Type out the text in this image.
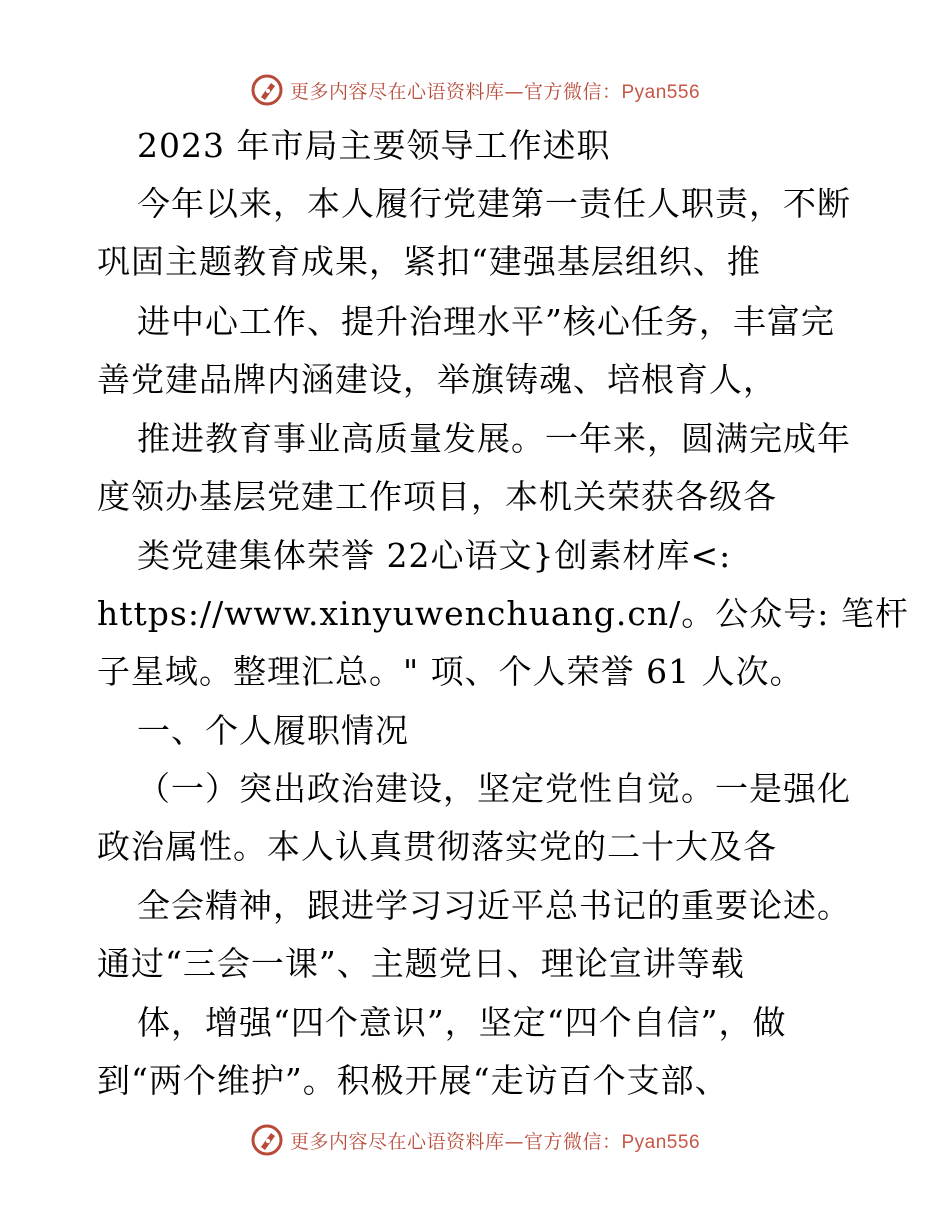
更多内容尽在心语资料库—官方微信：Pyan556
2023 年市局主要领导工作述职
今年以来，本人履行党建第一责任人职责，不断
巩固主题教育成果，紧扣“建强基层组织、推
进中心工作、提升治理水平”核心任务，丰富完
善党建品牌内涵建设，举旗铸魂、培根育人，
推进教育事业高质量发展。一年来，圆满完成年
度领办基层党建工作项目，本机关荣获各级各
类党建集体荣誉 22心语文}创素材库<:
https://www.xinyuwenchuang.cn/。公众号: 笔杆
子星域。整理汇总。" 项、个人荣誉 61 人次。
一、个人履职情况
（一）突出政治建设，坚定党性自觉。一是强化
政治属性。本人认真贯彻落实党的二十大及各
全会精神，跟进学习习近平总书记的重要论述。
通过“三会一课”、主题党日、理论宣讲等载
体，增强“四个意识”，坚定“四个自信”，做
到“两个维护”。积极开展“走访百个支部、
更多内容尽在心语资料库—官方微信：Pyan556
